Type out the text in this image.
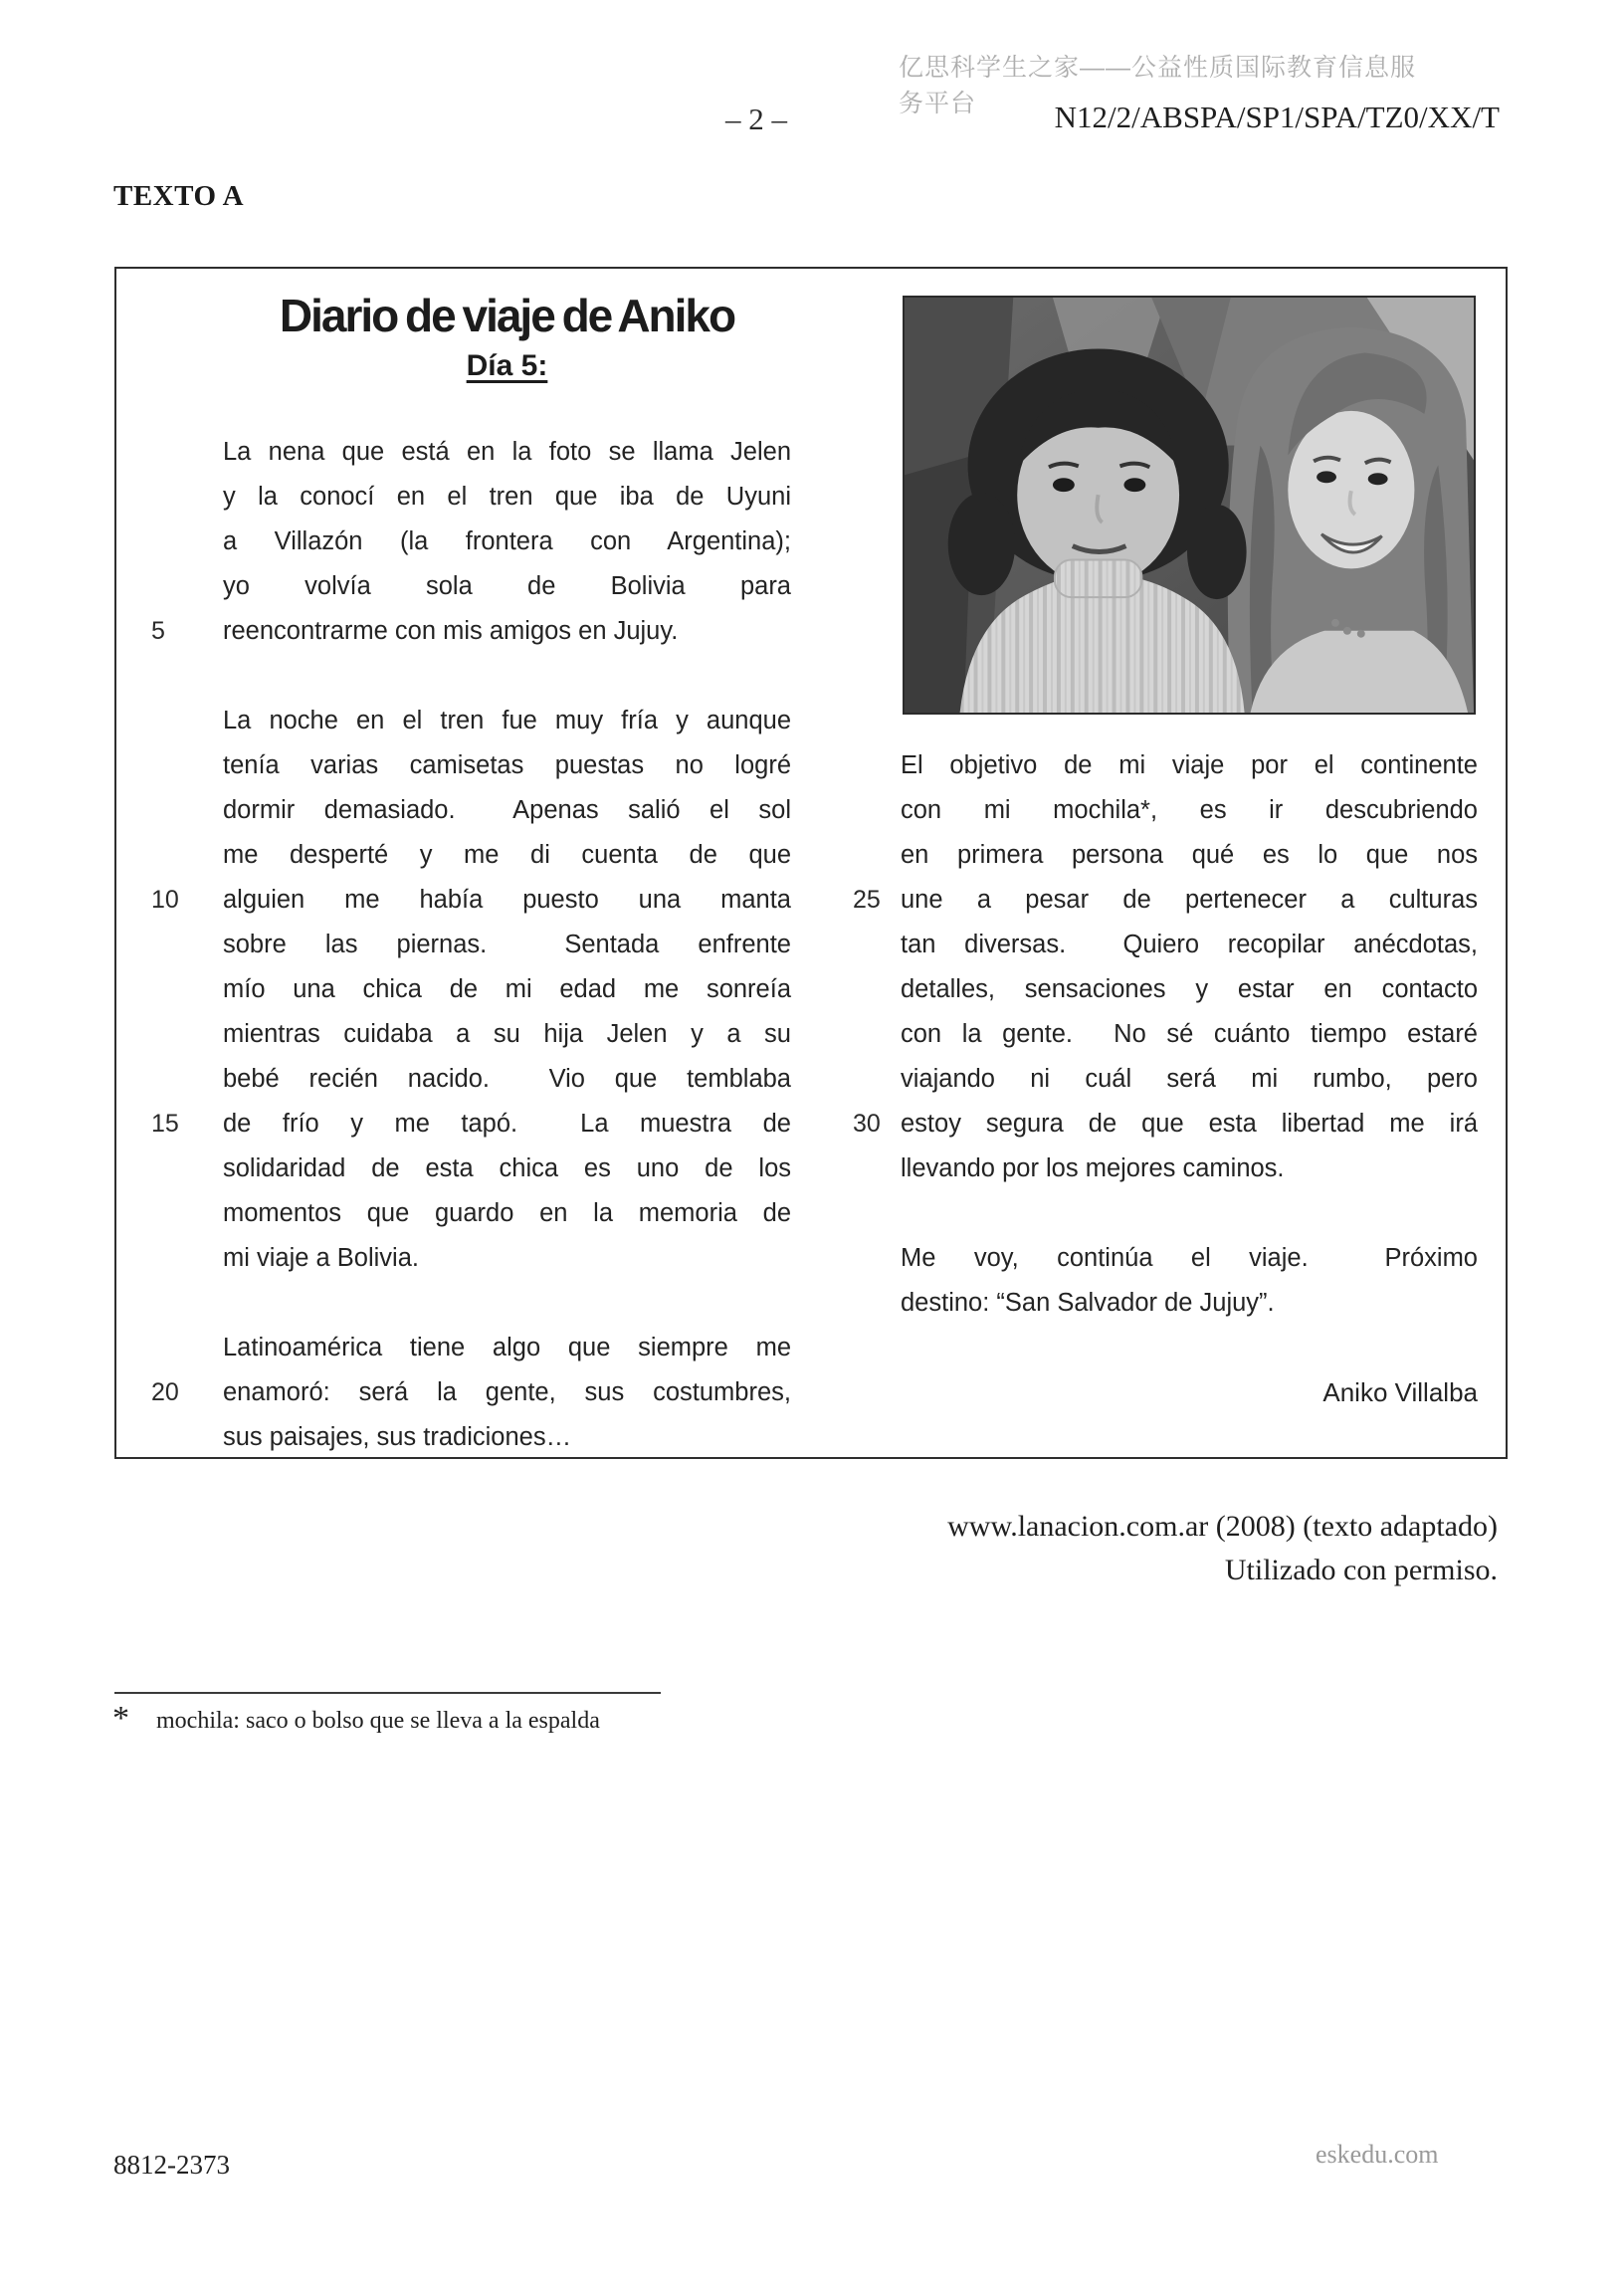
亿思科学生之家——公益性质国际教育信息服务平台
– 2 –	N12/2/ABSPA/SP1/SPA/TZ0/XX/T
TEXTO A
Diario de viaje de Aniko
Día 5:
La nena que está en la foto se llama Jelen
y la conocí en el tren que iba de Uyuni
a Villazón (la frontera con Argentina);
yo volvía sola de Bolivia para
5	reencontrarme con mis amigos en Jujuy.
La noche en el tren fue muy fría y aunque
tenía varias camisetas puestas no logré
dormir demasiado.  Apenas salió el sol
me desperté y me di cuenta de que
10	alguien me había puesto una manta
sobre las piernas.  Sentada enfrente
mío una chica de mi edad me sonreía
mientras cuidaba a su hija Jelen y a su
bebé recién nacido.  Vio que temblaba
15	de frío y me tapó.  La muestra de
solidaridad de esta chica es uno de los
momentos que guardo en la memoria de
mi viaje a Bolivia.
Latinoamérica tiene algo que siempre me
20	enamoró: será la gente, sus costumbres,
sus paisajes, sus tradiciones…
El objetivo de mi viaje por el continente
con mi mochila*, es ir descubriendo
en primera persona qué es lo que nos
25 une a pesar de pertenecer a culturas
tan diversas.  Quiero recopilar anécdotas,
detalles, sensaciones y estar en contacto
con la gente.  No sé cuánto tiempo estaré
viajando ni cuál será mi rumbo, pero
30 estoy segura de que esta libertad me irá
llevando por los mejores caminos.
Me voy, continúa el viaje.  Próximo
destino: “San Salvador de Jujuy”.
Aniko Villalba
www.lanacion.com.ar (2008) (texto adaptado)
Utilizado con permiso.
* mochila: saco o bolso que se lleva a la espalda
8812-2373	eskedu.com
